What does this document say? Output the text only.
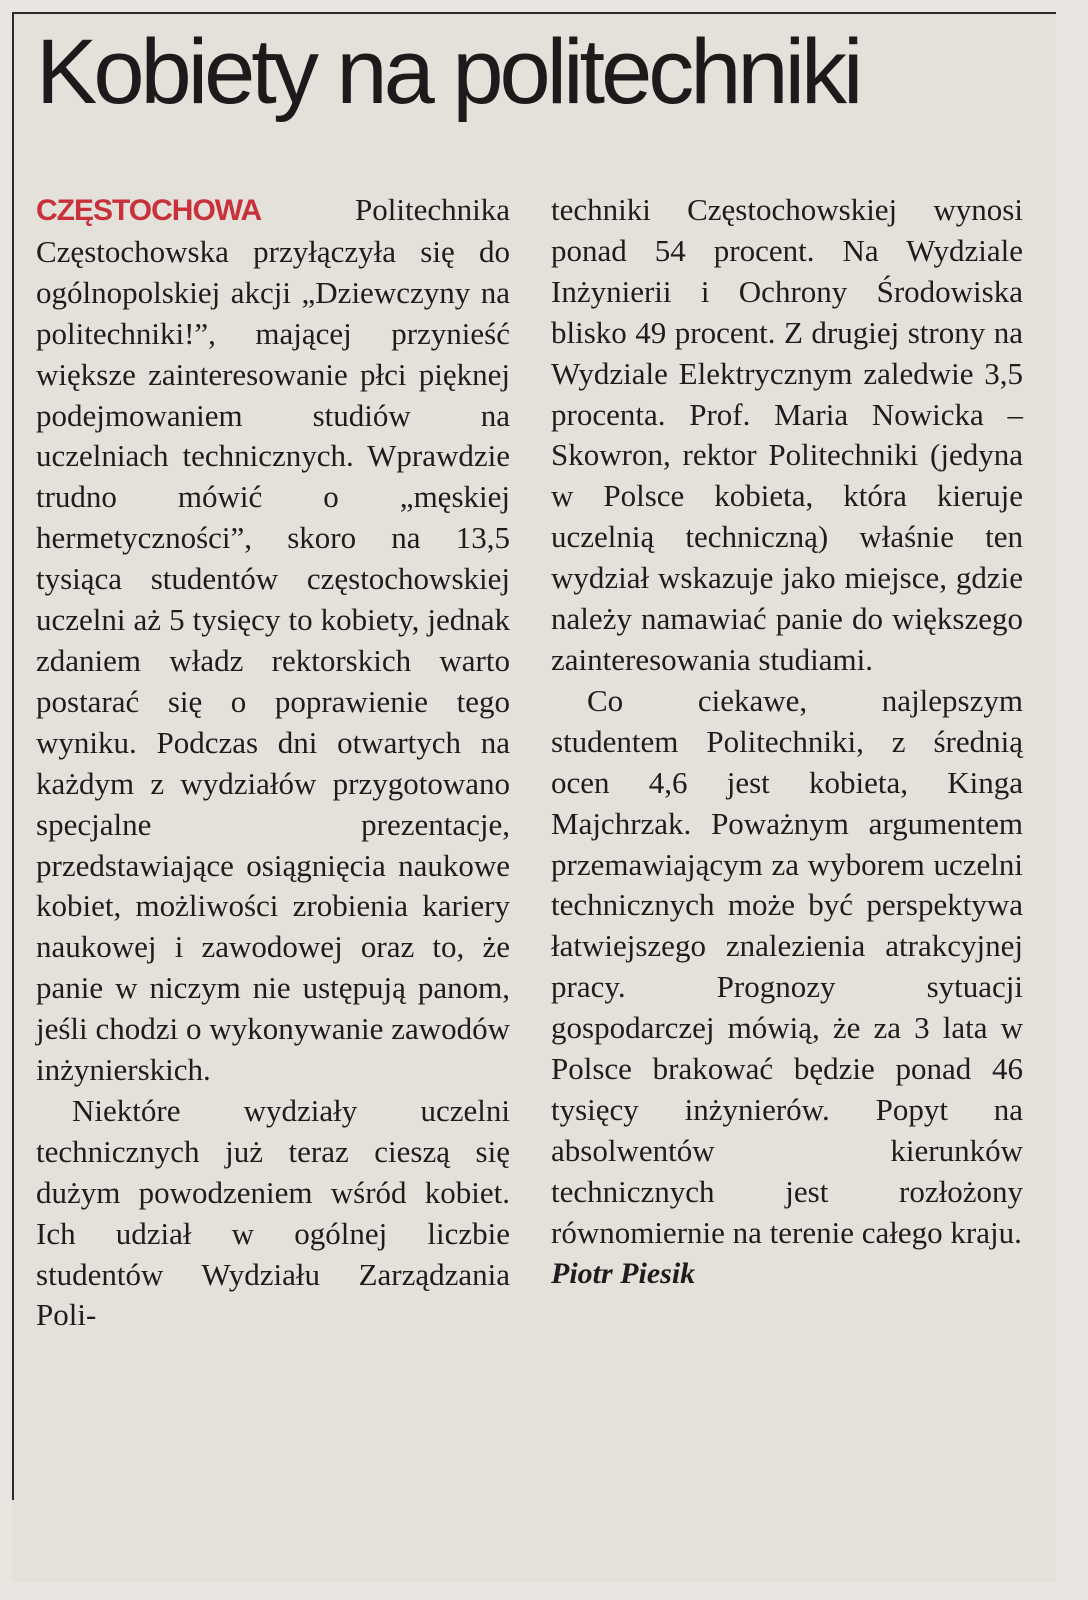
Kobiety na politechniki

CZĘSTOCHOWA	Politechnika Częstochowska przyłączyła się do ogólnopolskiej akcji „Dziewczyny na politechniki!”, mającej przynieść większe zainteresowanie płci pięknej podejmowaniem studiów na uczelniach technicznych. Wprawdzie trudno mówić o „męskiej hermetyczności”, skoro na 13,5 tysiąca studentów częstochowskiej uczelni aż 5 tysięcy to kobiety, jednak zdaniem władz rektorskich warto postarać się o poprawienie tego wyniku. Podczas dni otwartych na każdym z wydziałów przygotowano specjalne prezentacje, przedstawiające osiągnięcia naukowe kobiet, możliwości zrobienia kariery naukowej i zawodowej oraz to, że panie w niczym nie ustępują panom, jeśli chodzi o wykonywanie zawodów inżynierskich.

Niektóre wydziały uczelni technicznych już teraz cieszą się dużym powodzeniem wśród kobiet. Ich udział w ogólnej liczbie studentów Wydziału Zarządzania Poli-

techniki Częstochowskiej wynosi ponad 54 procent. Na Wydziale Inżynierii i Ochrony Środowiska blisko 49 procent. Z drugiej strony na Wydziale Elektrycznym zaledwie 3,5 procenta. Prof. Maria Nowicka – Skowron, rektor Politechniki (jedyna w Polsce kobieta, która kieruje uczelnią techniczną) właśnie ten wydział wskazuje jako miejsce, gdzie należy namawiać panie do większego zainteresowania studiami.

Co ciekawe, najlepszym studentem Politechniki, z średnią ocen 4,6 jest kobieta, Kinga Majchrzak. Poważnym argumentem przemawiającym za wyborem uczelni technicznych może być perspektywa łatwiejszego znalezienia atrakcyjnej pracy. Prognozy sytuacji gospodarczej mówią, że za 3 lata w Polsce brakować będzie ponad 46 tysięcy inżynierów. Popyt na absolwentów kierunków technicznych jest rozłożony równomiernie na terenie całego kraju.

Piotr Piesik
